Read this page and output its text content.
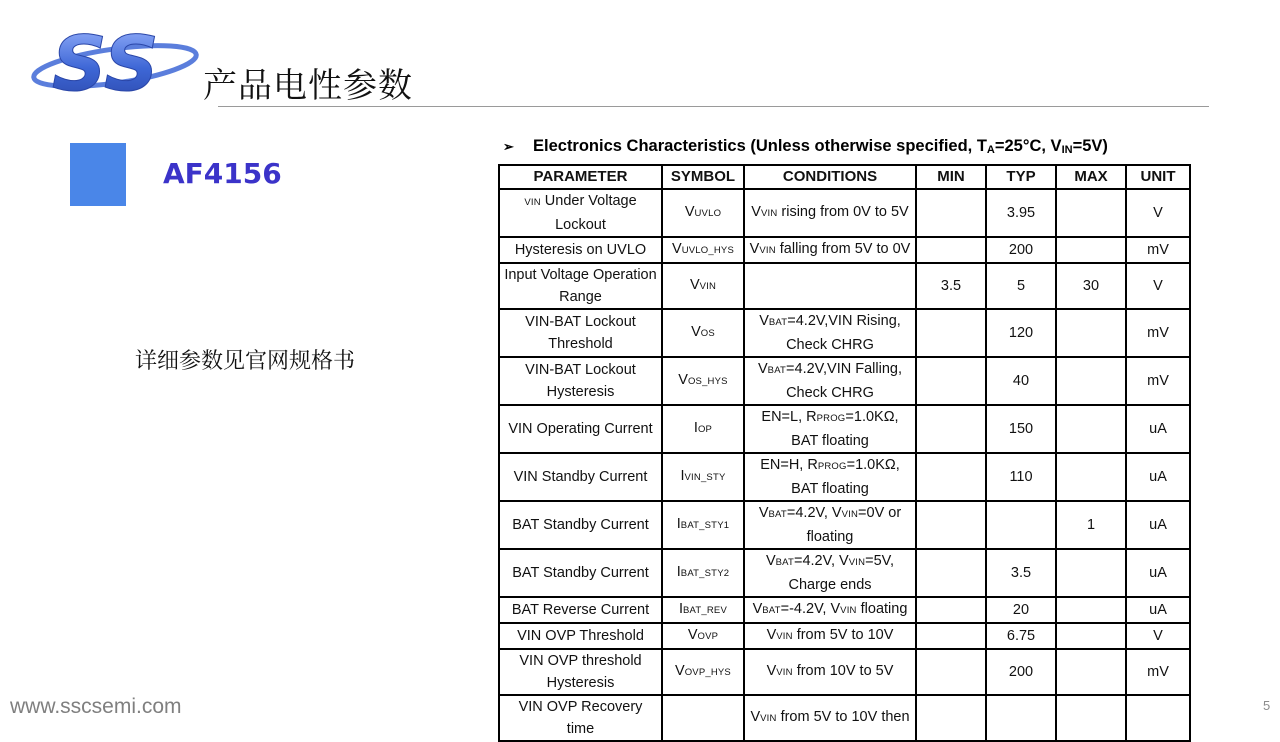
SS 产品电性参数
AF4156
详细参数见官网规格书
➢ Electronics Characteristics (Unless otherwise specified, $T_A=25^\circ C$, $V_{IN}=5V$)
PARAMETER	SYMBOL	CONDITIONS	MIN	TYP	MAX	UNIT
VIN Under Voltage Lockout	VUVLO	VVIN rising from 0V to 5V		3.95		V
Hysteresis on UVLO	VUVLO_HYS	VVIN falling from 5V to 0V		200		mV
Input Voltage Operation Range	VVIN		3.5	5	30	V
VIN-BAT Lockout Threshold	VOS	VBAT=4.2V,VIN Rising, Check CHRG		120		mV
VIN-BAT Lockout Hysteresis	VOS_HYS	VBAT=4.2V,VIN Falling, Check CHRG		40		mV
VIN Operating Current	IOP	EN=L, RPROG=1.0KΩ, BAT floating		150		uA
VIN Standby Current	IVIN_STY	EN=H, RPROG=1.0KΩ, BAT floating		110		uA
BAT Standby Current	IBAT_STY1	VBAT=4.2V, VVIN=0V or floating			1	uA
BAT Standby Current	IBAT_STY2	VBAT=4.2V, VVIN=5V, Charge ends		3.5		uA
BAT Reverse Current	IBAT_REV	VBAT=-4.2V, VVIN floating		20		uA
VIN OVP Threshold	VOVP	VVIN from 5V to 10V		6.75		V
VIN OVP threshold Hysteresis	VOVP_HYS	VVIN from 10V to 5V		200		mV
VIN OVP Recovery time		VVIN from 5V to 10V then				
www.sscsemi.com	5
